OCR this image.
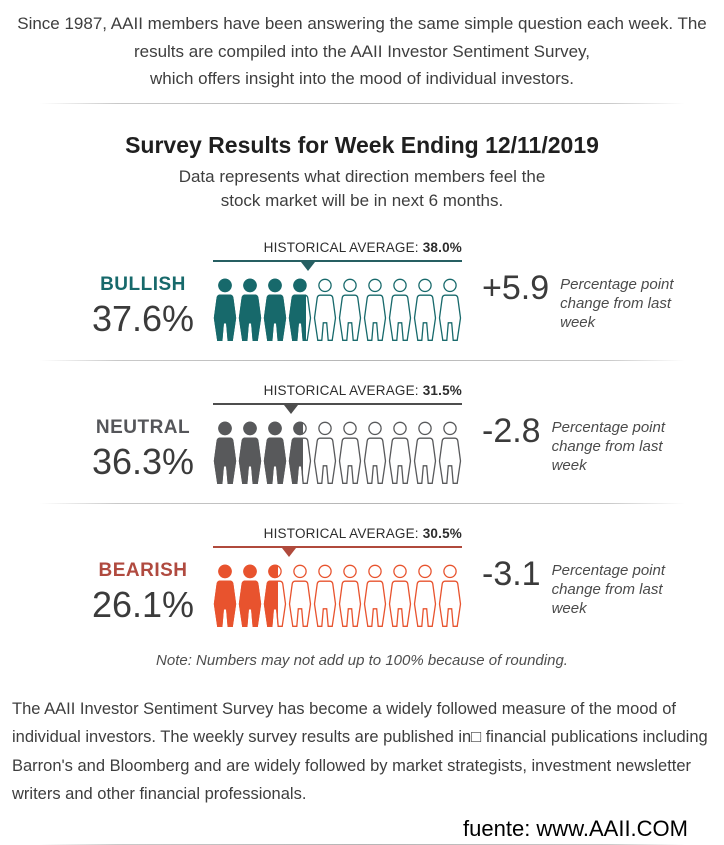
Since 1987, AAII members have been answering the same simple question each week. The
results are compiled into the AAII Investor Sentiment Survey,
which offers insight into the mood of individual investors.
Survey Results for Week Ending 12/11/2019
Data represents what direction members feel the
stock market will be in next 6 months.
BULLISH
37.6%
HISTORICAL AVERAGE: 38.0%
+5.9 Percentage point change from last week
NEUTRAL
36.3%
HISTORICAL AVERAGE: 31.5%
-2.8 Percentage point change from last week
BEARISH
26.1%
HISTORICAL AVERAGE: 30.5%
-3.1 Percentage point change from last week
Note: Numbers may not add up to 100% because of rounding.
The AAII Investor Sentiment Survey has become a widely followed measure of the mood of individual investors. The weekly survey results are published in□ financial publications including Barron's and Bloomberg and are widely followed by market strategists, investment newsletter writers and other financial professionals.
fuente: www.AAII.COM
